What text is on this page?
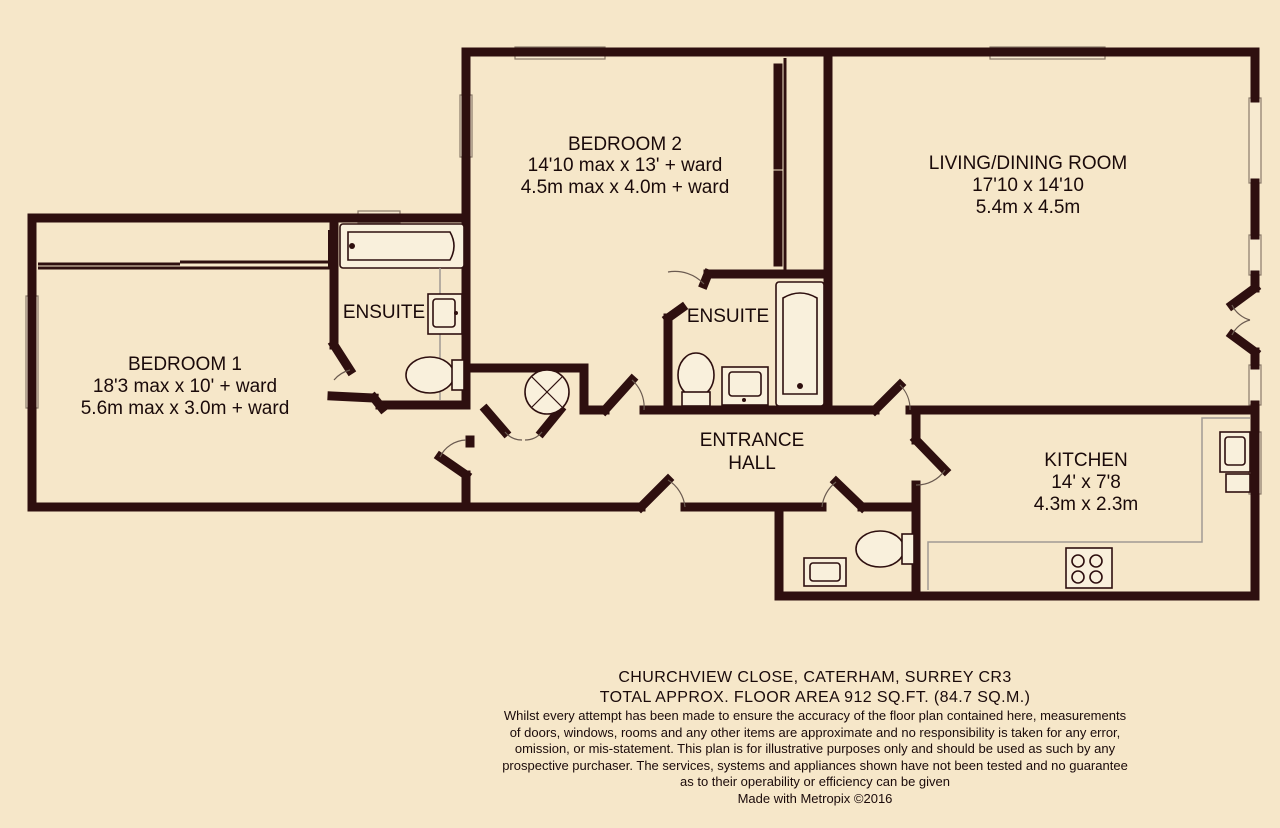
BEDROOM 2
14'10 max x 13' + ward
4.5m max x 4.0m + ward
LIVING/DINING ROOM
17'10 x 14'10
5.4m x 4.5m
BEDROOM 1
18'3 max x 10' + ward
5.6m max x 3.0m + ward
ENSUITE	ENSUITE
ENTRANCE
HALL	KITCHEN
14' x 7'8
4.3m x 2.3m

CHURCHVIEW CLOSE, CATERHAM, SURREY CR3

TOTAL APPROX. FLOOR AREA 912 SQ.FT. (84.7 SQ.M.)

Whilst every attempt has been made to ensure the accuracy of the floor plan contained here, measurements

of doors, windows, rooms and any other items are approximate and no responsibility is taken for any error,

omission, or mis-statement. This plan is for illustrative purposes only and should be used as such by any

prospective purchaser. The services, systems and appliances shown have not been tested and no guarantee

as to their operability or efficiency can be given

Made with Metropix ©2016
